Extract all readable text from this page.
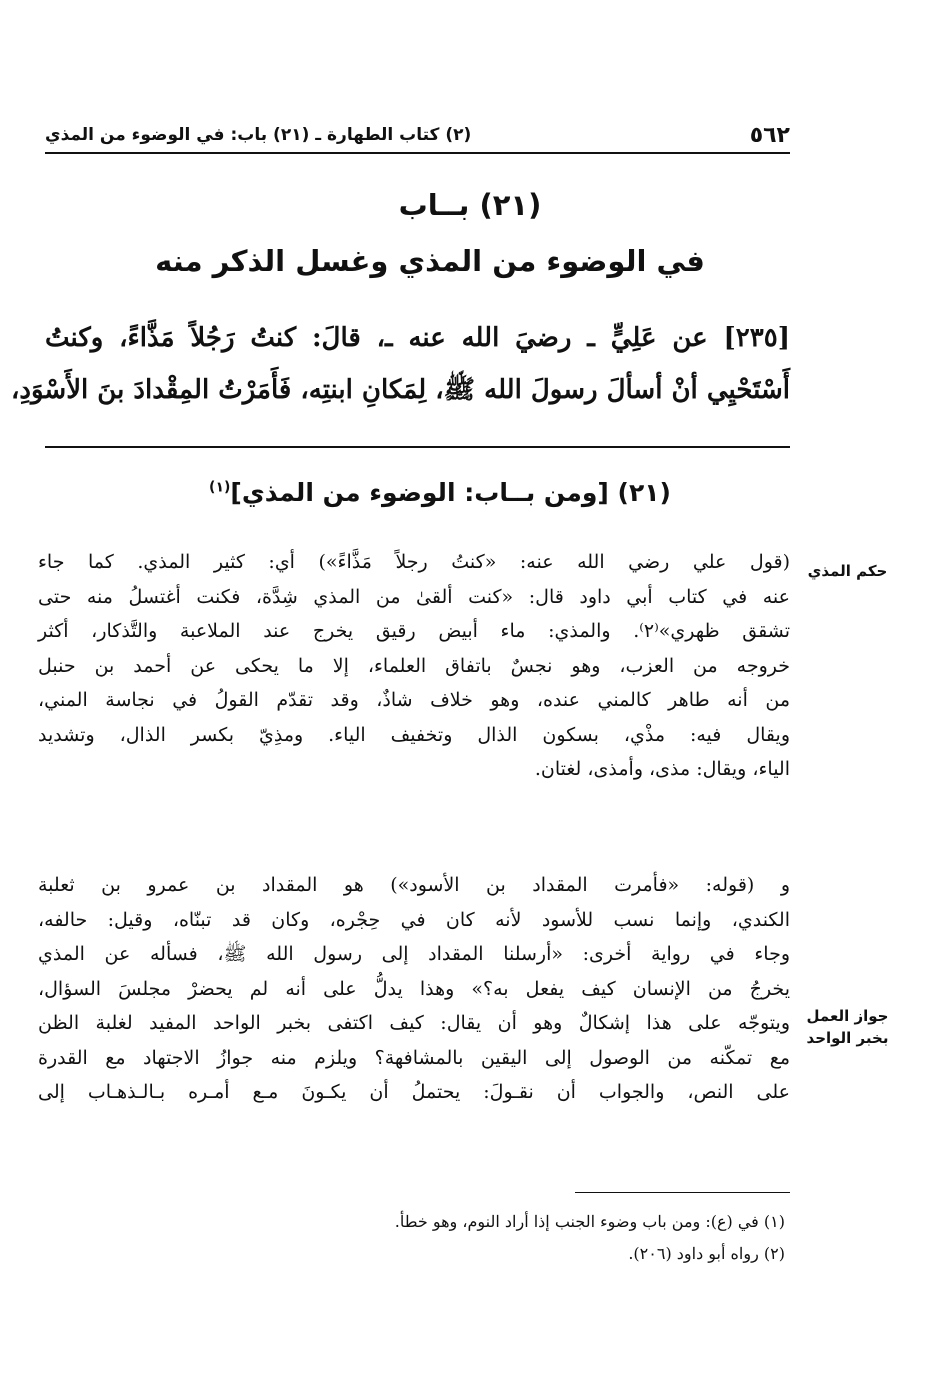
٥٦٢
(٢) كتاب الطهارة ـ (٢١) باب: في الوضوء من المذي
(٢١) بــاب
في الوضوء من المذي وغسل الذكر منه
[٢٣٥] عن عَلِيٍّ ـ رضيَ الله عنه ـ، قالَ: كنتُ رَجُلاً مَذَّاءً، وكنتُ
أَسْتَحْيِي أنْ أسألَ رسولَ الله ﷺ، لِمَكانِ ابنتِه، فَأَمَرْتُ المِقْدادَ بنَ الأَسْوَدِ،
(٢١) [ومن بــاب: الوضوء من المذي]$^{(١)}$
حكم المذي
جواز العمل بخبر الواحد
(قول علي رضي الله عنه: «كنتُ رجلاً مَذَّاءً») أي: كثير المذي. كما جاء
عنه في كتاب أبي داود قال: «كنت ألقىٰ من المذي شِدَّة، فكنت أغتسلُ منه حتى
تشقق ظهري»⁽٢⁾. والمذي: ماء أبيض رقيق يخرج عند الملاعبة والتَّذكار، أكثر
خروجه من العزب، وهو نجسٌ باتفاق العلماء، إلا ما يحكى عن أحمد بن حنبل
من أنه طاهر كالمني عنده، وهو خلاف شاذٌ، وقد تقدّم القولُ في نجاسة المني،
ويقال فيه: مذْي، بسكون الذال وتخفيف الياء. ومذِيّ بكسر الذال، وتشديد
الياء، ويقال: مذى، وأمذى، لغتان.
و (قوله: «فأمرت المقداد بن الأسود») هو المقداد بن عمرو بن ثعلبة
الكندي، وإنما نسب للأسود لأنه كان في حِجْره، وكان قد تبنّاه، وقيل: حالفه،
وجاء في رواية أخرى: «أرسلنا المقداد إلى رسول الله ﷺ، فسأله عن المذي
يخرجُ من الإنسان كيف يفعل به؟» وهذا يدلُّ على أنه لم يحضرْ مجلسَ السؤال،
ويتوجّه على هذا إشكالٌ وهو أن يقال: كيف اكتفى بخبر الواحد المفيد لغلبة الظن
مع تمكّنه من الوصول إلى اليقين بالمشافهة؟ ويلزم منه جوازُ الاجتهاد مع القدرة
على النص، والجواب أن نقـولَ: يحتملُ أن يكـونَ مـع أمـره بـالـذهـاب إلى
(١) في (ع): ومن باب وضوء الجنب إذا أراد النوم، وهو خطأ.
(٢) رواه أبو داود (٢٠٦).
